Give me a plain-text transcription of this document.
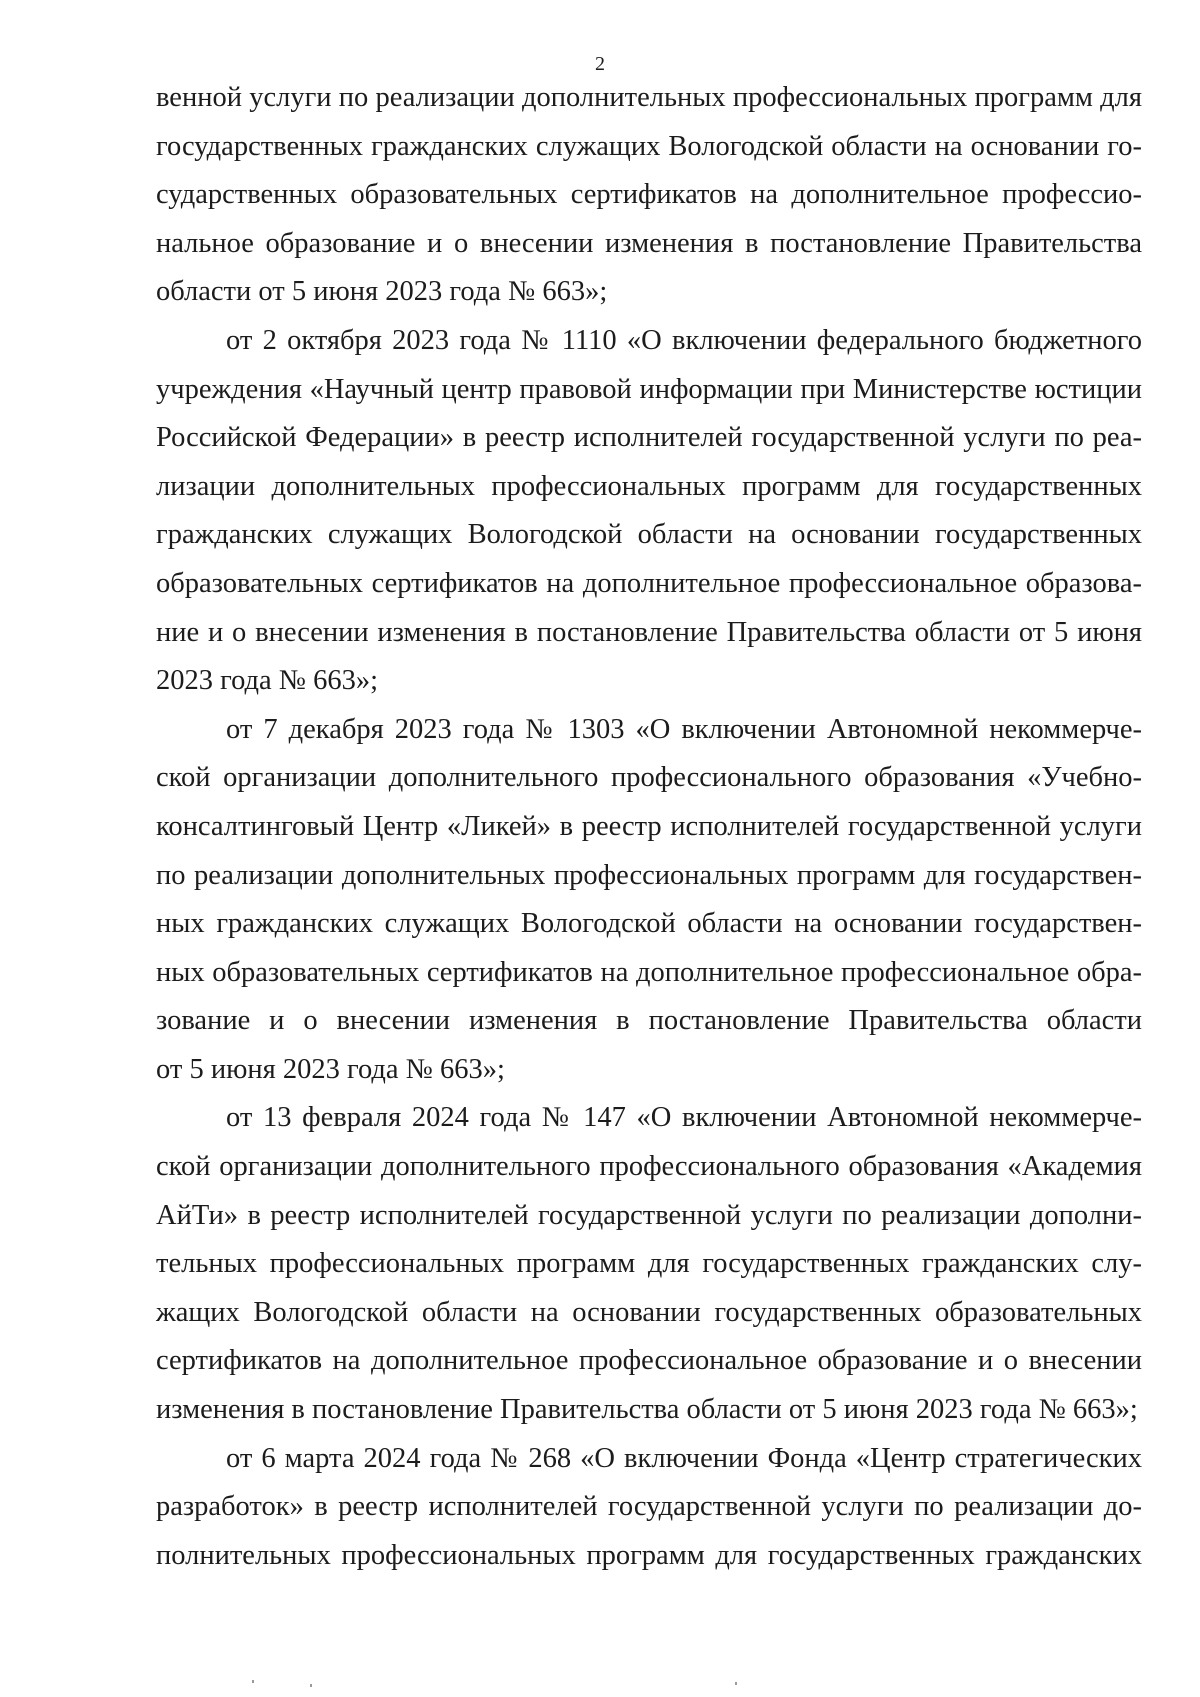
2

венной услуги по реализации дополнительных профессиональных программ для
государственных гражданских служащих Вологодской области на основании го-
сударственных образовательных сертификатов на дополнительное профессио-
нальное образование и о внесении изменения в постановление Правительства
области от 5 июня 2023 года № 663»;

от 2 октября 2023 года № 1110 «О включении федерального бюджетного
учреждения «Научный центр правовой информации при Министерстве юстиции
Российской Федерации» в реестр исполнителей государственной услуги по реа-
лизации дополнительных профессиональных программ для государственных
гражданских служащих Вологодской области на основании государственных
образовательных сертификатов на дополнительное профессиональное образова-
ние и о внесении изменения в постановление Правительства области от 5 июня
2023 года № 663»;

от 7 декабря 2023 года № 1303 «О включении Автономной некоммерче-
ской организации дополнительного профессионального образования «Учебно-
консалтинговый Центр «Ликей» в реестр исполнителей государственной услуги
по реализации дополнительных профессиональных программ для государствен-
ных гражданских служащих Вологодской области на основании государствен-
ных образовательных сертификатов на дополнительное профессиональное обра-
зование и о внесении изменения в постановление Правительства области
от 5 июня 2023 года № 663»;

от 13 февраля 2024 года № 147 «О включении Автономной некоммерче-
ской организации дополнительного профессионального образования «Академия
АйТи» в реестр исполнителей государственной услуги по реализации дополни-
тельных профессиональных программ для государственных гражданских слу-
жащих Вологодской области на основании государственных образовательных
сертификатов на дополнительное профессиональное образование и о внесении
изменения в постановление Правительства области от 5 июня 2023 года № 663»;

от 6 марта 2024 года № 268 «О включении Фонда «Центр стратегических
разработок» в реестр исполнителей государственной услуги по реализации до-
полнительных профессиональных программ для государственных гражданских
